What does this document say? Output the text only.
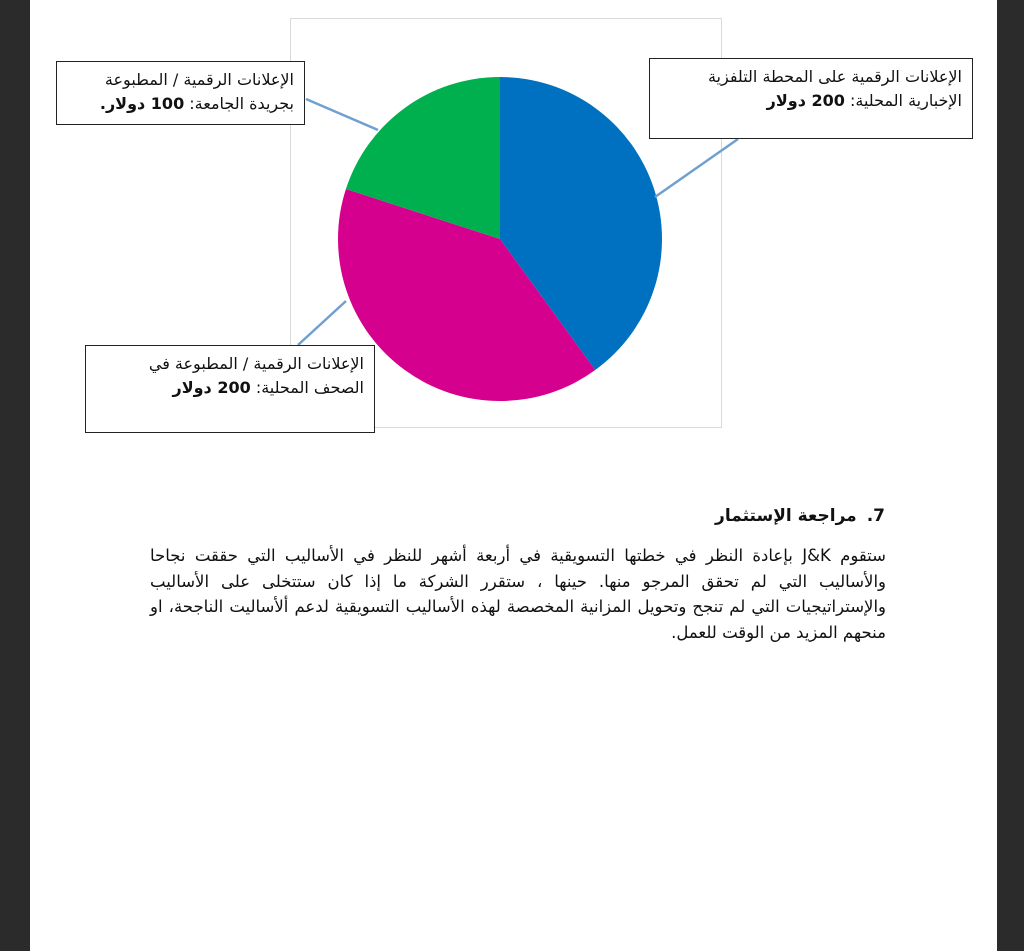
الإعلانات الرقمية على المحطة التلفزية
الإخبارية المحلية: 200 دولار
الإعلانات الرقمية / المطبوعة
بجريدة الجامعة: 100 دولار.
الإعلانات الرقمية / المطبوعة في
الصحف المحلية: 200 دولار
7.مراجعة الإستثمار
ستقوم J&K بإعادة النظر في خطتها التسويقية في أربعة أشهر للنظر في الأساليب التي حققت نجاحا والأساليب التي لم تحقق المرجو منها. حينها ، ستقرر الشركة ما إذا كان ستتخلى على الأساليب والإستراتيجيات التي لم تنجح وتحويل المزانية المخصصة لهذه الأساليب التسويقية لدعم ألأساليت الناجحة، او منحهم المزيد من الوقت للعمل.
